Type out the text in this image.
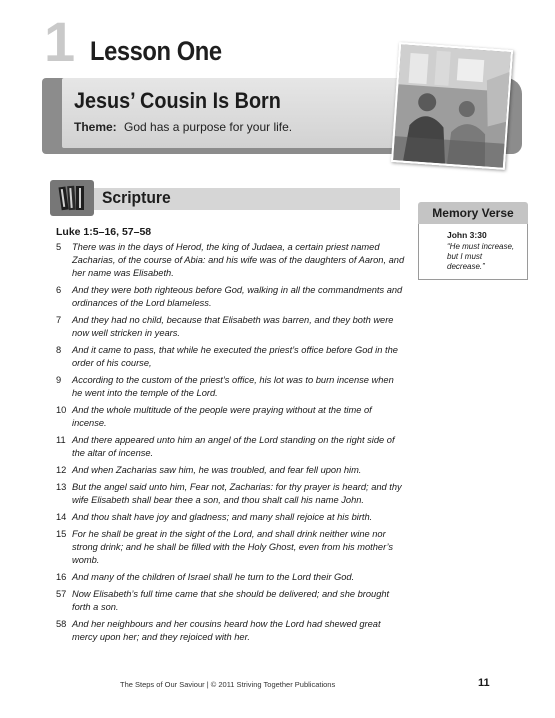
1 Lesson One
Jesus’ Cousin Is Born
Theme: God has a purpose for your life.
Scripture
Luke 1:5–16, 57–58
5	There was in the days of Herod, the king of Judaea, a certain priest named Zacharias, of the course of Abia: and his wife was of the daughters of Aaron, and her name was Elisabeth.
6	And they were both righteous before God, walking in all the commandments and ordinances of the Lord blameless.
7	And they had no child, because that Elisabeth was barren, and they both were now well stricken in years.
8	And it came to pass, that while he executed the priest’s office before God in the order of his course,
9	According to the custom of the priest’s office, his lot was to burn incense when he went into the temple of the Lord.
10 And the whole multitude of the people were praying without at the time of incense.
11 And there appeared unto him an angel of the Lord standing on the right side of the altar of incense.
12 And when Zacharias saw him, he was troubled, and fear fell upon him.
13 But the angel said unto him, Fear not, Zacharias: for thy prayer is heard; and thy wife Elisabeth shall bear thee a son, and thou shalt call his name John.
14 And thou shalt have joy and gladness; and many shall rejoice at his birth.
15 For he shall be great in the sight of the Lord, and shall drink neither wine nor strong drink; and he shall be filled with the Holy Ghost, even from his mother’s womb.
16 And many of the children of Israel shall he turn to the Lord their God.
57 Now Elisabeth’s full time came that she should be delivered; and she brought forth a son.
58 And her neighbours and her cousins heard how the Lord had shewed great mercy upon her; and they rejoiced with her.
Memory Verse
John 3:30
“He must increase, but I must decrease.”
The Steps of Our Saviour | © 2011 Striving Together Publications	11
